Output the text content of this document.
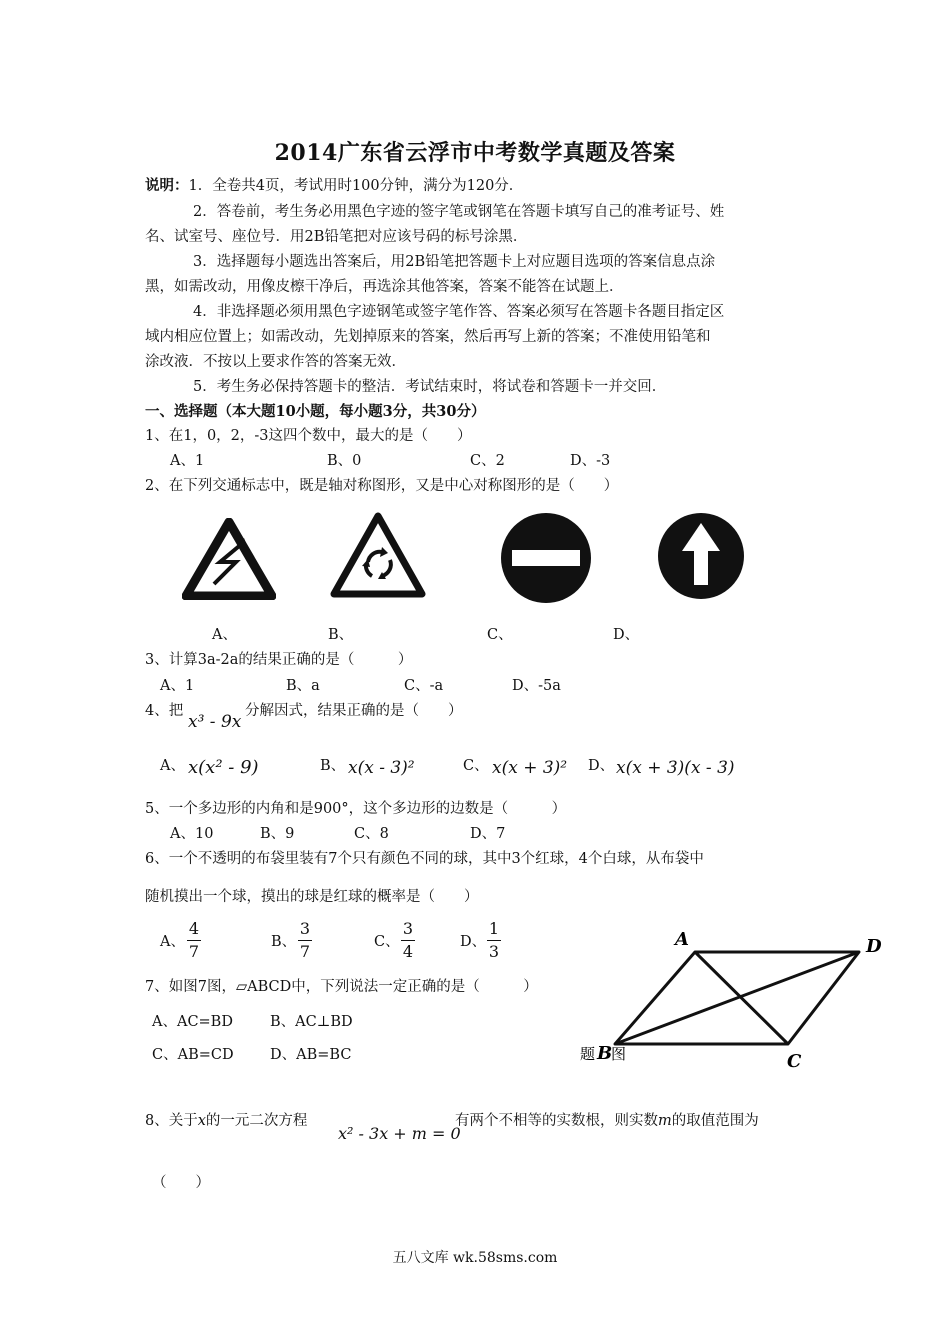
2014广东省云浮市中考数学真题及答案
说明：1．全卷共4页，考试用时100分钟，满分为120分．
2．答卷前，考生务必用黑色字迹的签字笔或钢笔在答题卡填写自己的准考证号、姓
名、试室号、座位号．用2B铅笔把对应该号码的标号涂黑．
3．选择题每小题选出答案后，用2B铅笔把答题卡上对应题目选项的答案信息点涂
黑，如需改动，用像皮檫干净后，再选涂其他答案，答案不能答在试题上．
4．非选择题必须用黑色字迹钢笔或签字笔作答、答案必须写在答题卡各题目指定区
域内相应位置上；如需改动，先划掉原来的答案，然后再写上新的答案；不准使用铅笔和
涂改液．不按以上要求作答的答案无效．
5．考生务必保持答题卡的整洁．考试结束时，将试卷和答题卡一并交回．
一、选择题（本大题10小题，每小题3分，共30分）
1、在1，0，2，-3这四个数中，最大的是（　　）
A、1	B、0	C、2	D、-3
2、在下列交通标志中，既是轴对称图形，又是中心对称图形的是（　　）
A、	B、	C、	D、
3、计算3a-2a的结果正确的是（　　　）
A、1	B、a	C、-a	D、-5a
4、把
x³ - 9x
分解因式，结果正确的是（　　）
A、 x(x² - 9)	B、 x(x - 3)²	C、 x(x + 3)² D、 x(x + 3)(x - 3)
5、一个多边形的内角和是900°，这个多边形的边数是（　　　）
A、10	B、9	C、8	D、7
6、一个不透明的布袋里装有7个只有颜色不同的球，其中3个红球，4个白球，从布袋中
随机摸出一个球，摸出的球是红球的概率是（　　）
A、
4
7	B、
3
7	C、
3
4	D、
1
3
7、如图7图，▱ABCD中，下列说法一定正确的是（　　　）
A、AC=BD	B、AC⊥BD
C、AB=CD	D、AB=BC
A	D
C
题 B
图
8、关于x的一元二次方程
x² - 3x + m = 0
有两个不相等的实数根，则实数m的取值范围为
（　　）
五八文库 wk.58sms.com
